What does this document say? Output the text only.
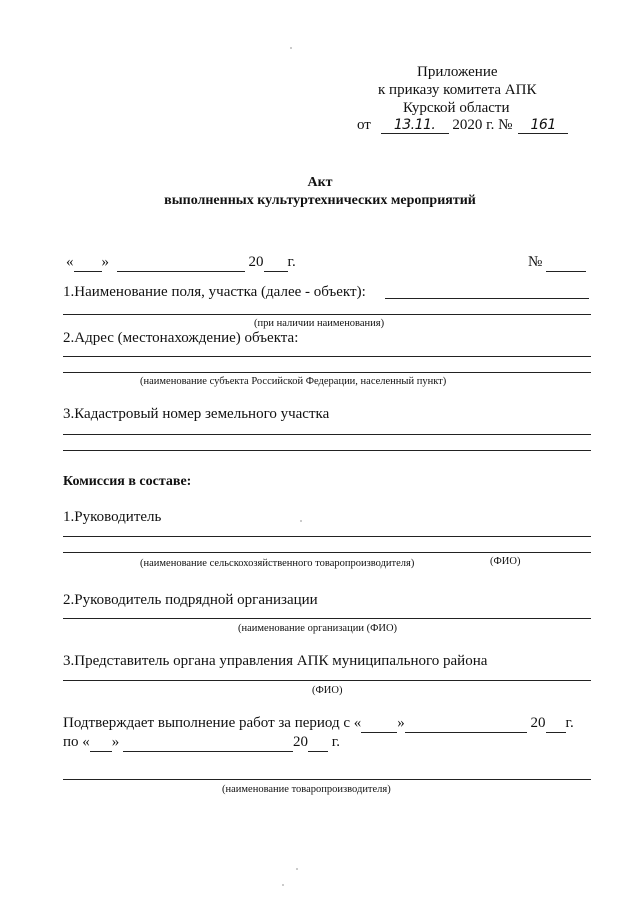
Приложение
к приказу комитета АПК
Курской области
от 13.11. 2020 г. № 161
Акт
выполненных культуртехнических мероприятий
« »	20 г.	№
1.Наименование поля, участка (далее - объект):
(при наличии наименования)
2.Адрес (местонахождение) объекта:
(наименование субъекта Российской Федерации, населенный пункт)
3.Кадастровый номер земельного участка
Комиссия в составе:
1.Руководитель
(наименование сельскохозяйственного товаропроизводителя)	(ФИО)
2.Руководитель подрядной организации
(наименование организации (ФИО)
3.Представитель органа управления АПК муниципального района
(ФИО)
Подтверждает выполнение работ за период с « »	20 г.
по « »	20 г.
(наименование товаропроизводителя)
